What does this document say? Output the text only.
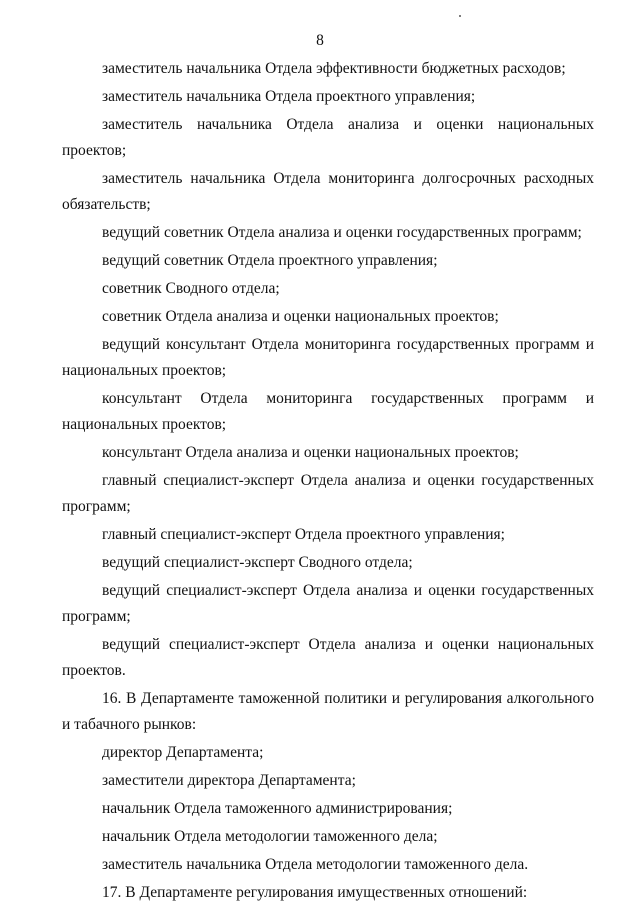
8

заместитель начальника Отдела эффективности бюджетных расходов;

заместитель начальника Отдела проектного управления;

заместитель начальника Отдела анализа и оценки национальных проектов;

заместитель начальника Отдела мониторинга долгосрочных расходных обязательств;

ведущий советник Отдела анализа и оценки государственных программ;

ведущий советник Отдела проектного управления;

советник Сводного отдела;

советник Отдела анализа и оценки национальных проектов;

ведущий консультант Отдела мониторинга государственных программ и национальных проектов;

консультант Отдела мониторинга государственных программ и национальных проектов;

консультант Отдела анализа и оценки национальных проектов;

главный специалист-эксперт Отдела анализа и оценки государственных программ;

главный специалист-эксперт Отдела проектного управления;

ведущий специалист-эксперт Сводного отдела;

ведущий специалист-эксперт Отдела анализа и оценки государственных программ;

ведущий специалист-эксперт Отдела анализа и оценки национальных проектов.

16. В Департаменте таможенной политики и регулирования алкогольного и табачного рынков:

директор Департамента;

заместители директора Департамента;

начальник Отдела таможенного администрирования;

начальник Отдела методологии таможенного дела;

заместитель начальника Отдела методологии таможенного дела.

17. В Департаменте регулирования имущественных отношений:
